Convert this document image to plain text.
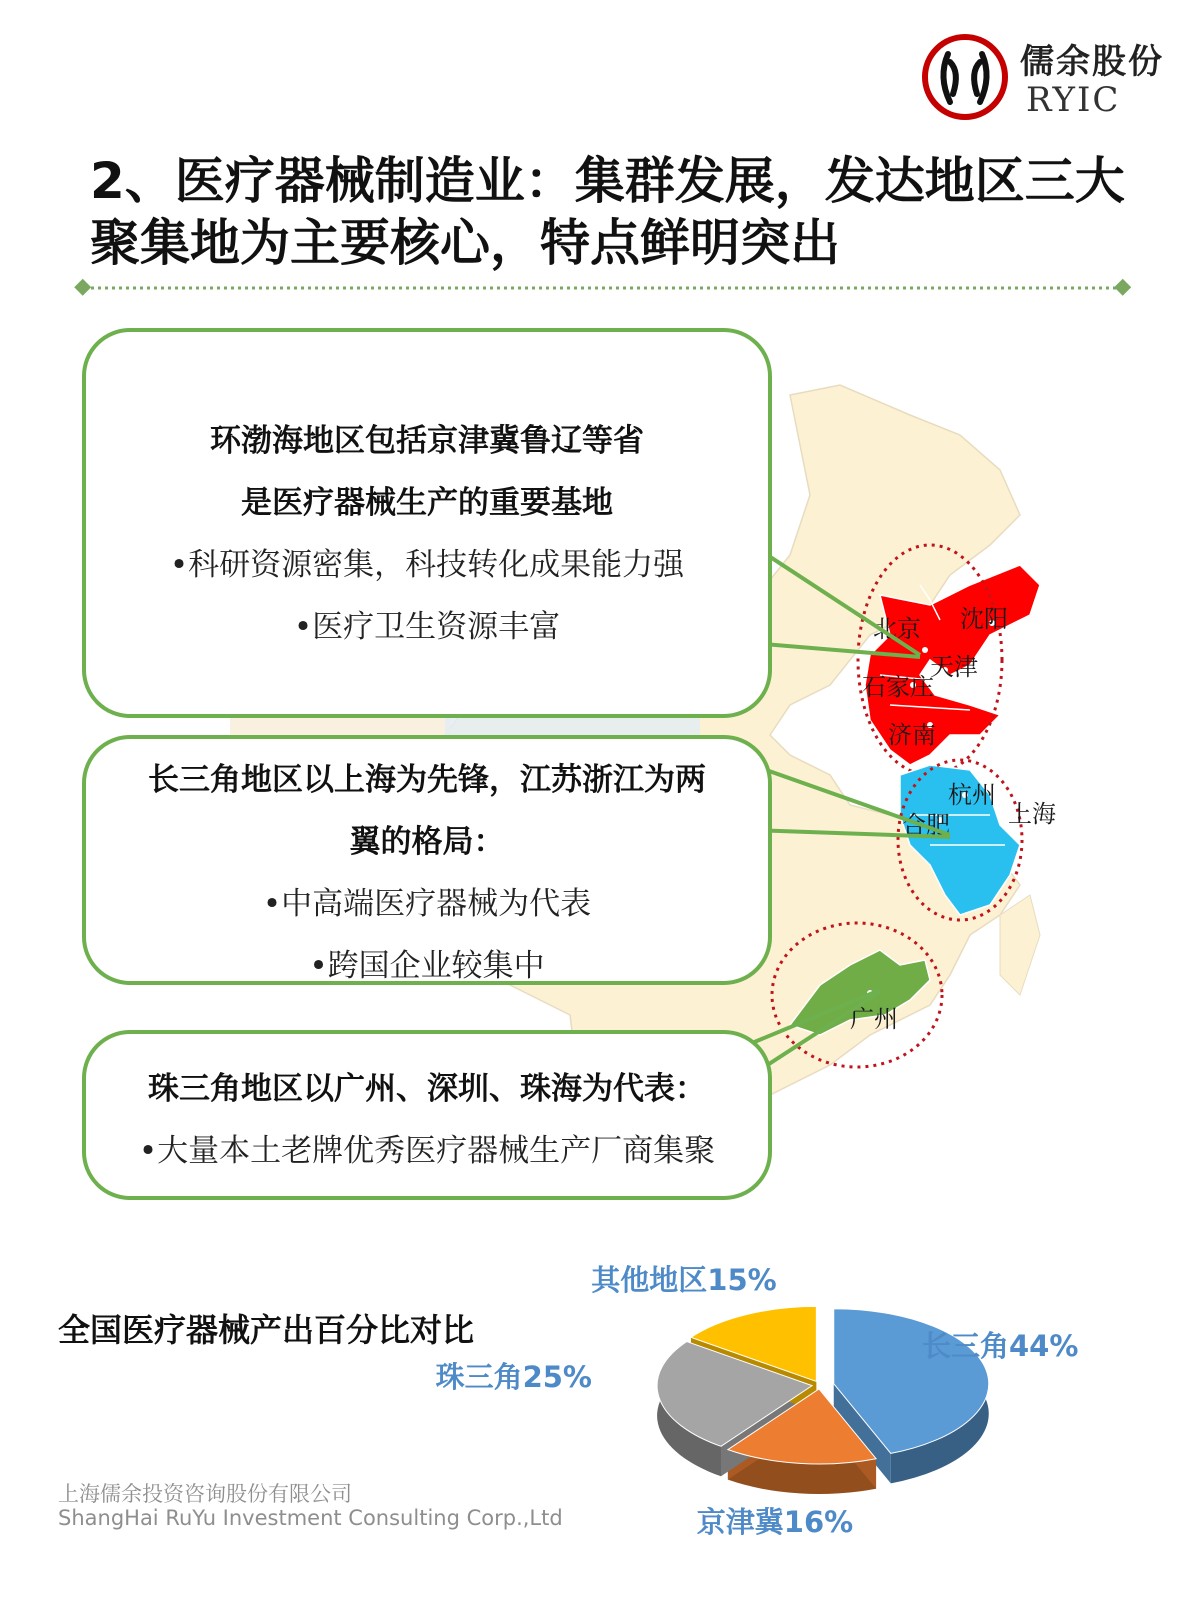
儒余股份
RYIC
2、医疗器械制造业：集群发展，发达地区三大聚集地为主要核心，特点鲜明突出
北京 沈阳
天津
石家庄
济南
杭州
合肥 上海
广州
环渤海地区包括京津冀鲁辽等省
是医疗器械生产的重要基地
•科研资源密集，科技转化成果能力强
•医疗卫生资源丰富
长三角地区以上海为先锋，江苏浙江为两
翼的格局：
•中高端医疗器械为代表
•跨国企业较集中
珠三角地区以广州、深圳、珠海为代表：
•大量本土老牌优秀医疗器械生产厂商集聚
全国医疗器械产出百分比对比	长三角44%
京津冀16%
珠三角25%
其他地区15%
上海儒余投资咨询股份有限公司
ShangHai RuYu Investment Consulting Corp.,Ltd
